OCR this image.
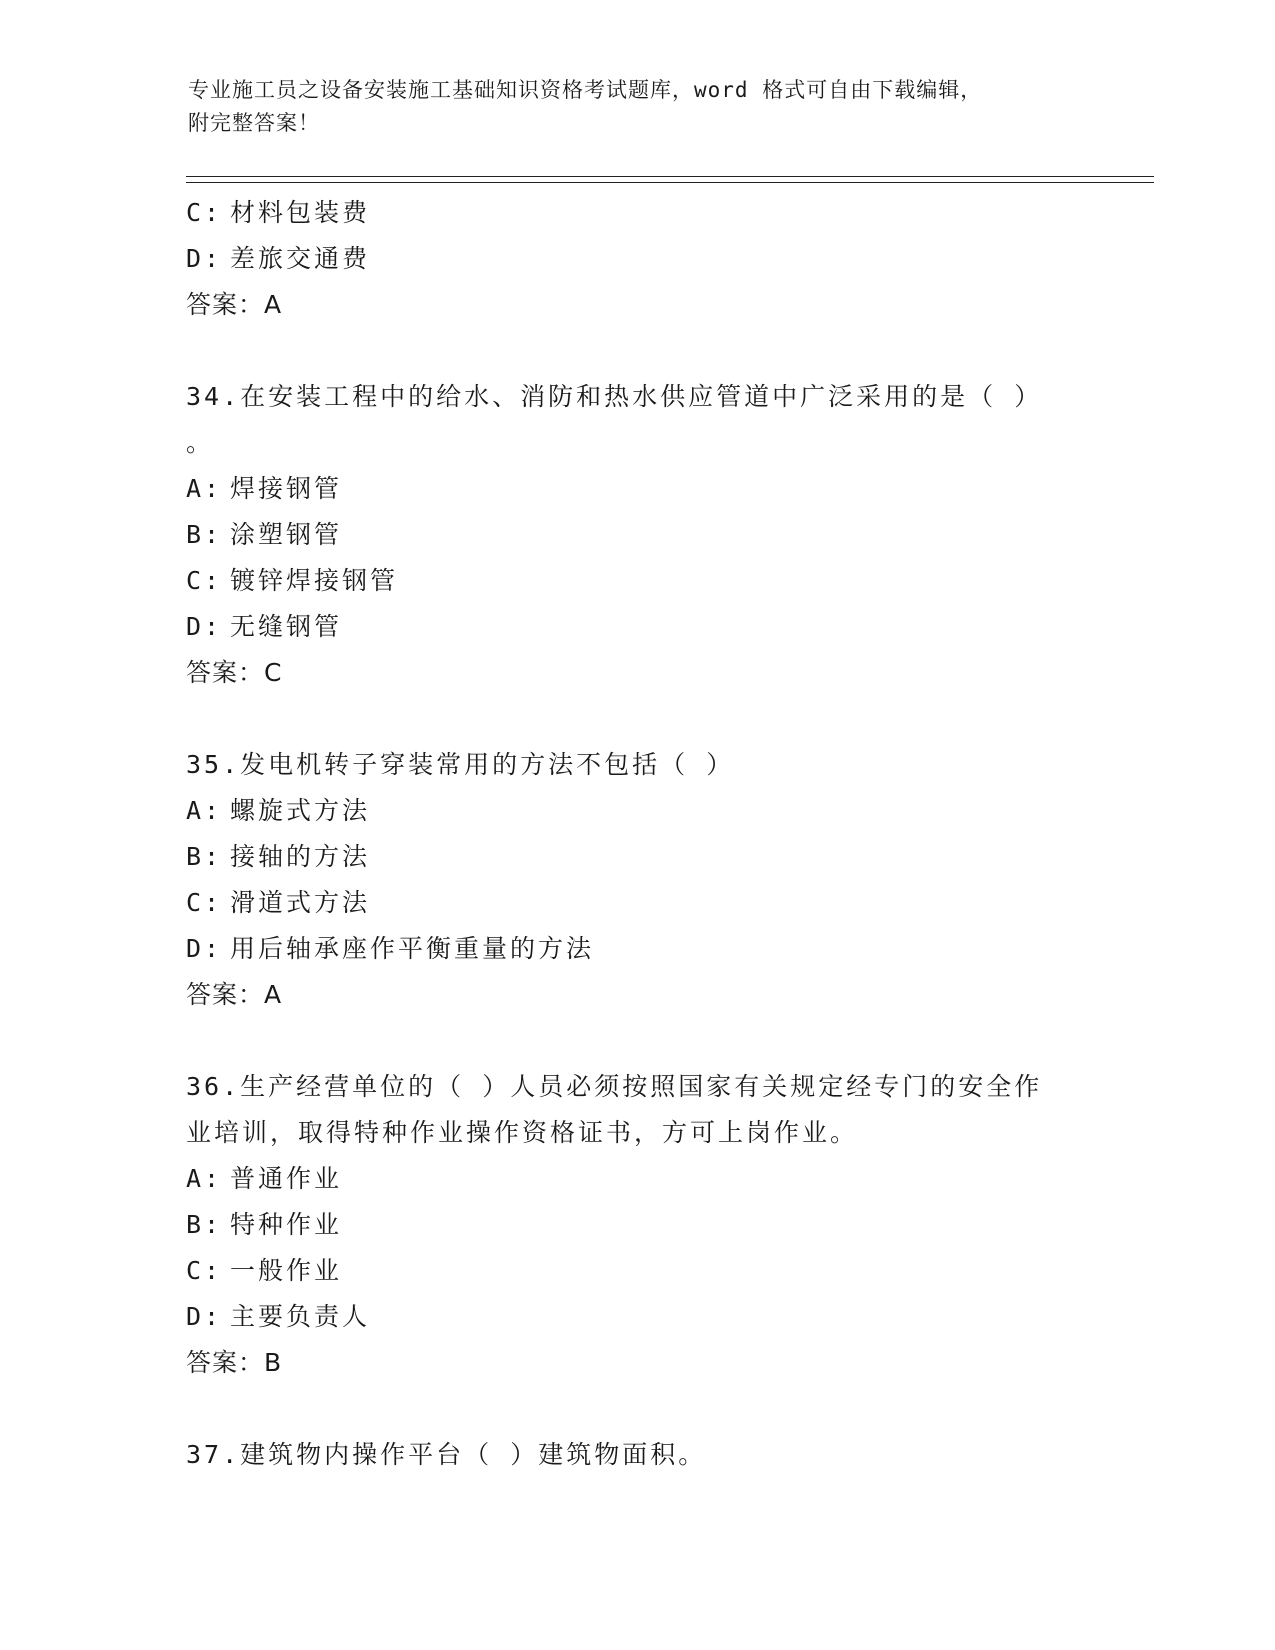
专业施工员之设备安装施工基础知识资格考试题库，word 格式可自由下载编辑，
附完整答案！
C: 材料包装费
D: 差旅交通费
答案：A
34.在安装工程中的给水、消防和热水供应管道中广泛采用的是（ ）
。
A: 焊接钢管
B: 涂塑钢管
C: 镀锌焊接钢管
D: 无缝钢管
答案：C
35.发电机转子穿装常用的方法不包括（ ）
A: 螺旋式方法
B: 接轴的方法
C: 滑道式方法
D: 用后轴承座作平衡重量的方法
答案：A
36.生产经营单位的（ ）人员必须按照国家有关规定经专门的安全作
业培训，取得特种作业操作资格证书，方可上岗作业。
A: 普通作业
B: 特种作业
C: 一般作业
D: 主要负责人
答案：B
37.建筑物内操作平台（ ）建筑物面积。
